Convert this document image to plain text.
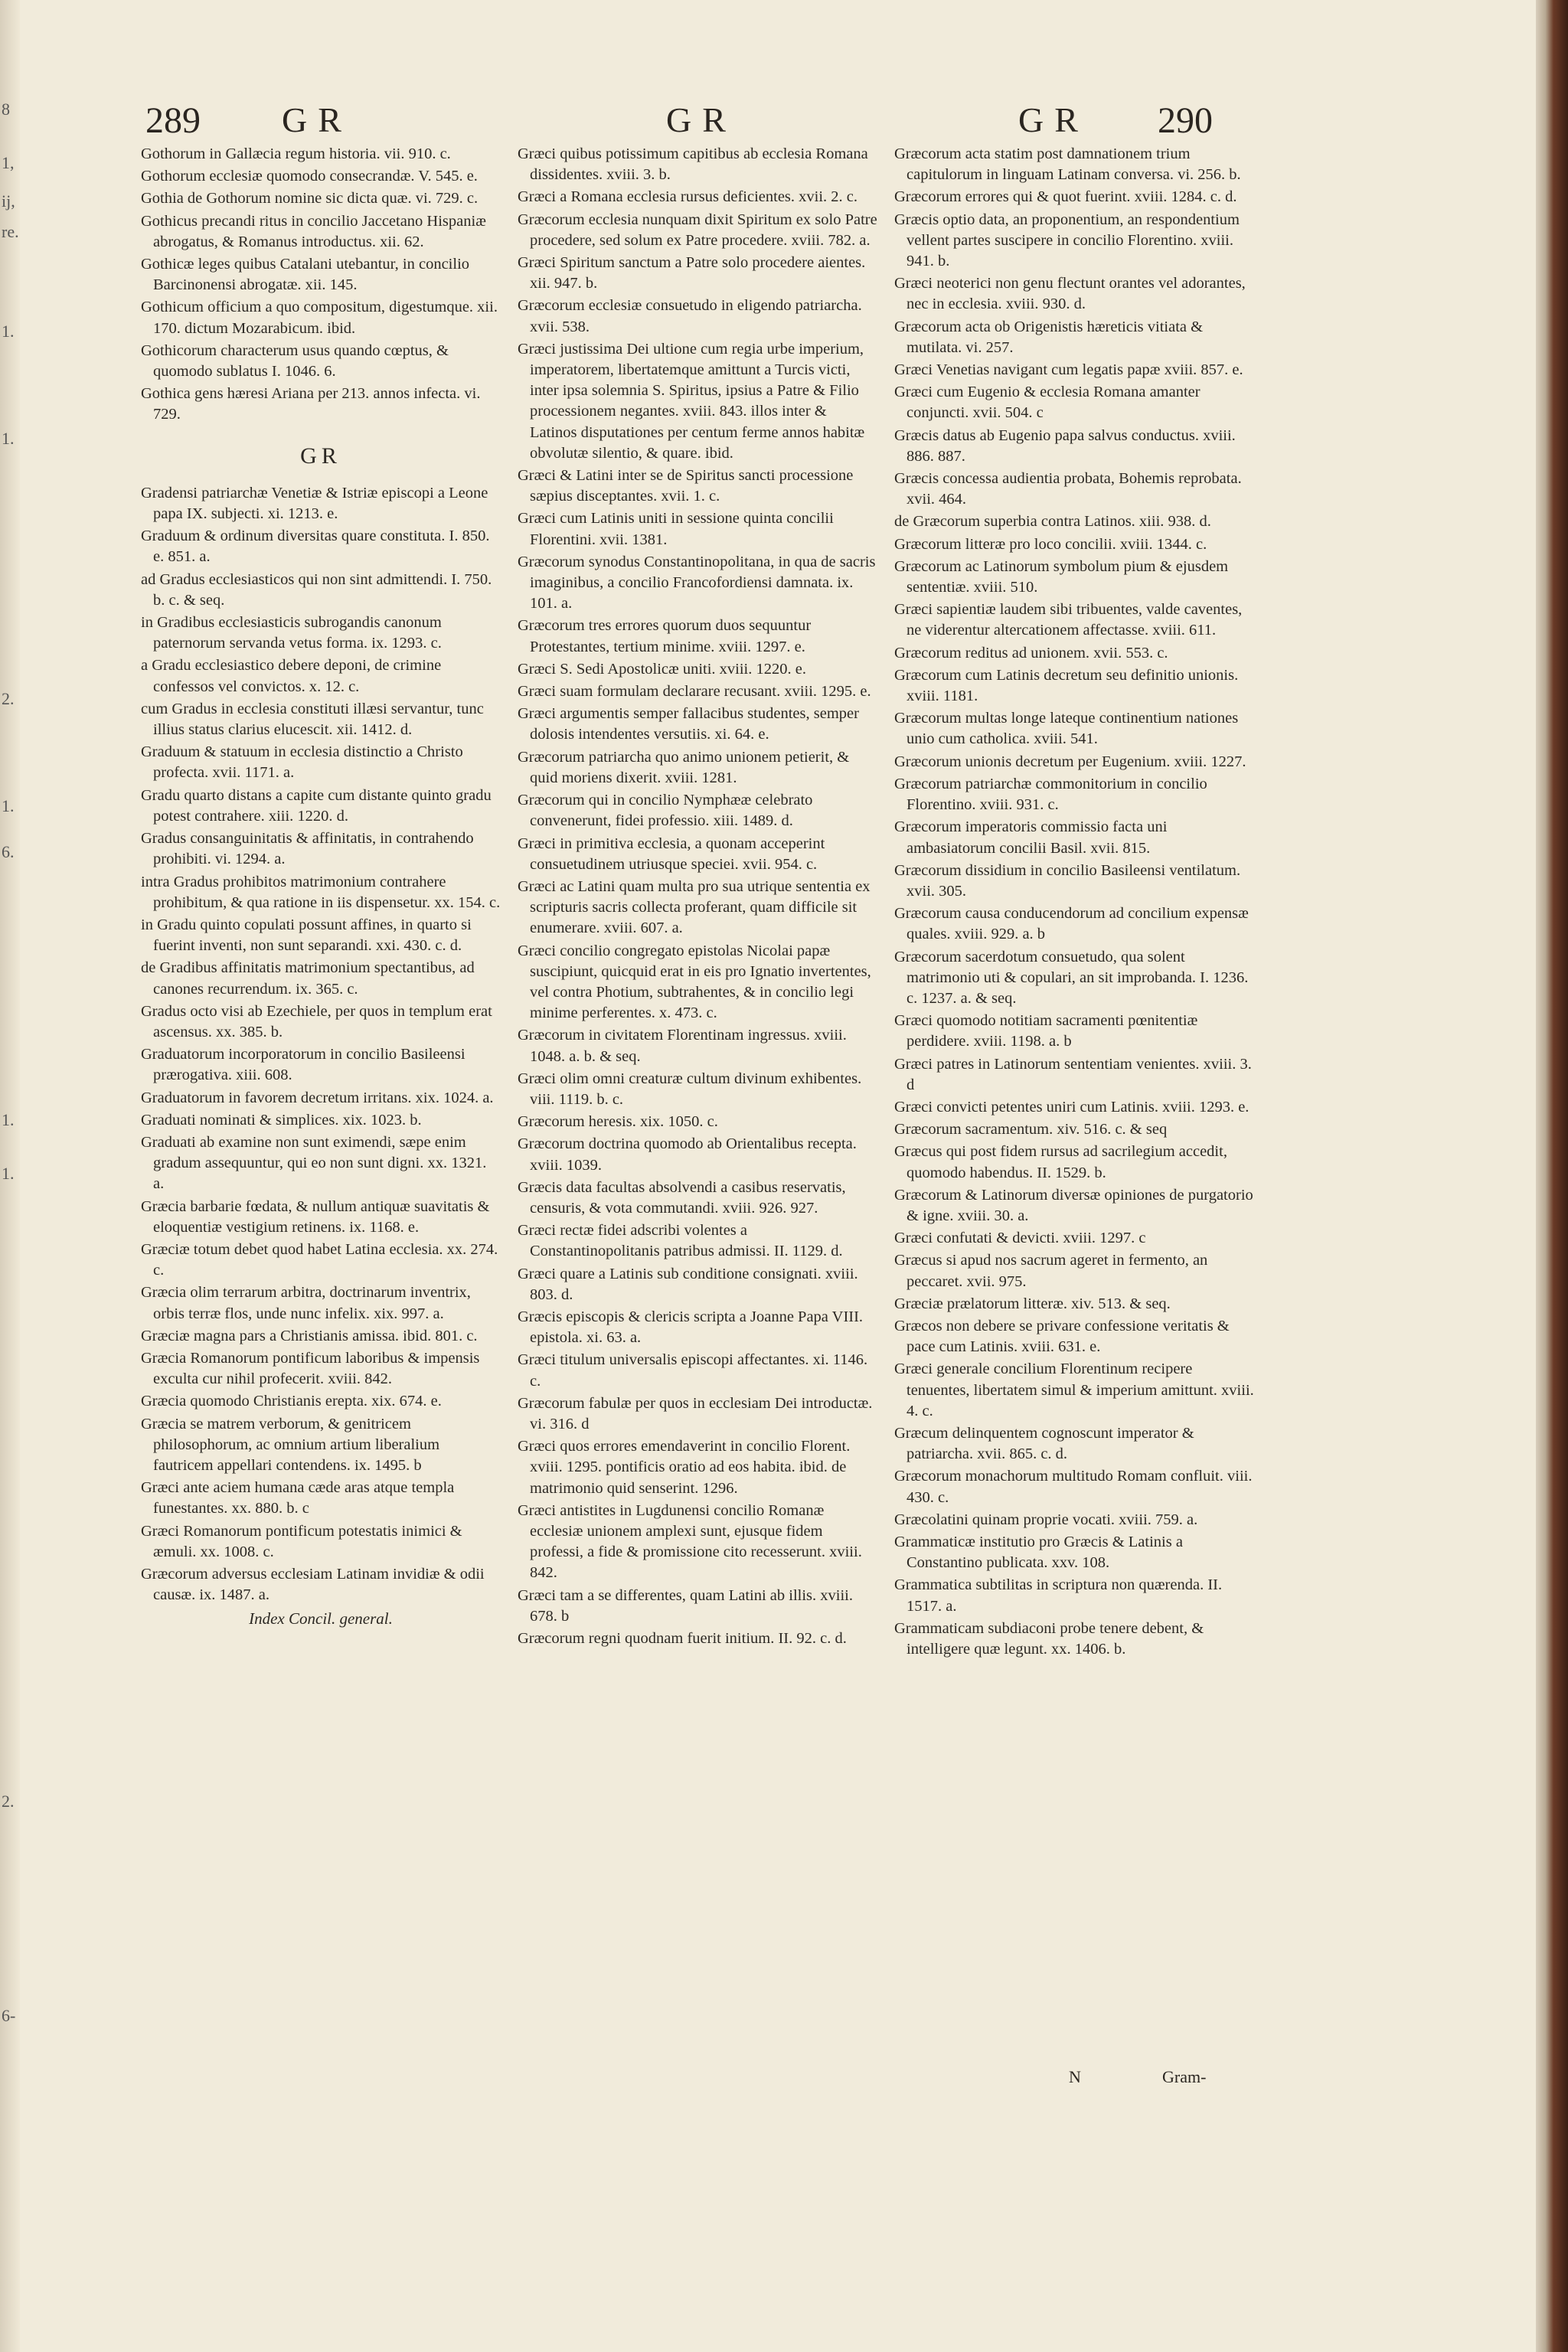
8
1,
ij,
re.
1.
1.
2.
1.
6.
1.
1.
2.
6-
289 GR	GR	GR 290
Gothorum in Gallæcia regum historia. vii. 910. c.
Gothorum ecclesiæ quomodo consecrandæ. V. 545. e.
Gothia de Gothorum nomine sic dicta quæ. vi. 729. c.
Gothicus precandi ritus in concilio Jaccetano Hispaniæ abrogatus, & Romanus introductus. xii. 62.
Gothicæ leges quibus Catalani utebantur, in concilio Barcinonensi abrogatæ. xii. 145.
Gothicum officium a quo compositum, digestumque. xii. 170. dictum Mozarabicum. ibid.
Gothicorum characterum usus quando cœptus, & quomodo sublatus I. 1046. 6.
Gothica gens hæresi Ariana per 213. annos infecta. vi. 729.
GR
Gradensi patriarchæ Venetiæ & Istriæ episcopi a Leone papa IX. subjecti. xi. 1213. e.
Graduum & ordinum diversitas quare constituta. I. 850. e. 851. a.
ad Gradus ecclesiasticos qui non sint admittendi. I. 750. b. c. & seq.
in Gradibus ecclesiasticis subrogandis canonum paternorum servanda vetus forma. ix. 1293. c.
a Gradu ecclesiastico debere deponi, de crimine confessos vel convictos. x. 12. c.
cum Gradus in ecclesia constituti illæsi servantur, tunc illius status clarius elucescit. xii. 1412. d.
Graduum & statuum in ecclesia distinctio a Christo profecta. xvii. 1171. a.
Gradu quarto distans a capite cum distante quinto gradu potest contrahere. xiii. 1220. d.
Gradus consanguinitatis & affinitatis, in contrahendo prohibiti. vi. 1294. a.
intra Gradus prohibitos matrimonium contrahere prohibitum, & qua ratione in iis dispensetur. xx. 154. c.
in Gradu quinto copulati possunt affines, in quarto si fuerint inventi, non sunt separandi. xxi. 430. c. d.
de Gradibus affinitatis matrimonium spectantibus, ad canones recurrendum. ix. 365. c.
Gradus octo visi ab Ezechiele, per quos in templum erat ascensus. xx. 385. b.
Graduatorum incorporatorum in concilio Basileensi prærogativa. xiii. 608.
Graduatorum in favorem decretum irritans. xix. 1024. a.
Graduati nominati & simplices. xix. 1023. b.
Graduati ab examine non sunt eximendi, sæpe enim gradum assequuntur, qui eo non sunt digni. xx. 1321. a.
Græcia barbarie fœdata, & nullum antiquæ suavitatis & eloquentiæ vestigium retinens. ix. 1168. e.
Græciæ totum debet quod habet Latina ecclesia. xx. 274. c.
Græcia olim terrarum arbitra, doctrinarum inventrix, orbis terræ flos, unde nunc infelix. xix. 997. a.
Græciæ magna pars a Christianis amissa. ibid. 801. c.
Græcia Romanorum pontificum laboribus & impensis exculta cur nihil profecerit. xviii. 842.
Græcia quomodo Christianis erepta. xix. 674. e.
Græcia se matrem verborum, & genitricem philosophorum, ac omnium artium liberalium fautricem appellari contendens. ix. 1495. b
Græci ante aciem humana cæde aras atque templa funestantes. xx. 880. b. c
Græci Romanorum pontificum potestatis inimici & æmuli. xx. 1008. c.
Græcorum adversus ecclesiam Latinam invidiæ & odii causæ. ix. 1487. a.
Index Concil. general.
Græci quibus potissimum capitibus ab ecclesia Romana dissidentes. xviii. 3. b.
Græci a Romana ecclesia rursus deficientes. xvii. 2. c.
Græcorum ecclesia nunquam dixit Spiritum ex solo Patre procedere, sed solum ex Patre procedere. xviii. 782. a.
Græci Spiritum sanctum a Patre solo procedere aientes. xii. 947. b.
Græcorum ecclesiæ consuetudo in eligendo patriarcha. xvii. 538.
Græci justissima Dei ultione cum regia urbe imperium, imperatorem, libertatemque amittunt a Turcis victi, inter ipsa solemnia S. Spiritus, ipsius a Patre & Filio processionem negantes. xviii. 843. illos inter & Latinos disputationes per centum ferme annos habitæ obvolutæ silentio, & quare. ibid.
Græci & Latini inter se de Spiritus sancti processione sæpius disceptantes. xvii. 1. c.
Græci cum Latinis uniti in sessione quinta concilii Florentini. xvii. 1381.
Græcorum synodus Constantinopolitana, in qua de sacris imaginibus, a concilio Francofordiensi damnata. ix. 101. a.
Græcorum tres errores quorum duos sequuntur Protestantes, tertium minime. xviii. 1297. e.
Græci S. Sedi Apostolicæ uniti. xviii. 1220. e.
Græci suam formulam declarare recusant. xviii. 1295. e.
Græci argumentis semper fallacibus studentes, semper dolosis intendentes versutiis. xi. 64. e.
Græcorum patriarcha quo animo unionem petierit, & quid moriens dixerit. xviii. 1281.
Græcorum qui in concilio Nymphææ celebrato convenerunt, fidei professio. xiii. 1489. d.
Græci in primitiva ecclesia, a quonam acceperint consuetudinem utriusque speciei. xvii. 954. c.
Græci ac Latini quam multa pro sua utrique sententia ex scripturis sacris collecta proferant, quam difficile sit enumerare. xviii. 607. a.
Græci concilio congregato epistolas Nicolai papæ suscipiunt, quicquid erat in eis pro Ignatio invertentes, vel contra Photium, subtrahentes, & in concilio legi minime perferentes. x. 473. c.
Græcorum in civitatem Florentinam ingressus. xviii. 1048. a. b. & seq.
Græci olim omni creaturæ cultum divinum exhibentes. viii. 1119. b. c.
Græcorum heresis. xix. 1050. c.
Græcorum doctrina quomodo ab Orientalibus recepta. xviii. 1039.
Græcis data facultas absolvendi a casibus reservatis, censuris, & vota commutandi. xviii. 926. 927.
Græci rectæ fidei adscribi volentes a Constantinopolitanis patribus admissi. II. 1129. d.
Græci quare a Latinis sub conditione consignati. xviii. 803. d.
Græcis episcopis & clericis scripta a Joanne Papa VIII. epistola. xi. 63. a.
Græci titulum universalis episcopi affectantes. xi. 1146. c.
Græcorum fabulæ per quos in ecclesiam Dei introductæ. vi. 316. d
Græci quos errores emendaverint in concilio Florent. xviii. 1295. pontificis oratio ad eos habita. ibid. de matrimonio quid senserint. 1296.
Græci antistites in Lugdunensi concilio Romanæ ecclesiæ unionem amplexi sunt, ejusque fidem professi, a fide & promissione cito recesserunt. xviii. 842.
Græci tam a se differentes, quam Latini ab illis. xviii. 678. b
Græcorum regni quodnam fuerit initium. II. 92. c. d.
Græcorum acta statim post damnationem trium capitulorum in linguam Latinam conversa. vi. 256. b.
Græcorum errores qui & quot fuerint. xviii. 1284. c. d.
Græcis optio data, an proponentium, an respondentium vellent partes suscipere in concilio Florentino. xviii. 941. b.
Græci neoterici non genu flectunt orantes vel adorantes, nec in ecclesia. xviii. 930. d.
Græcorum acta ob Origenistis hæreticis vitiata & mutilata. vi. 257.
Græci Venetias navigant cum legatis papæ xviii. 857. e.
Græci cum Eugenio & ecclesia Romana amanter conjuncti. xvii. 504. c
Græcis datus ab Eugenio papa salvus conductus. xviii. 886. 887.
Græcis concessa audientia probata, Bohemis reprobata. xvii. 464.
de Græcorum superbia contra Latinos. xiii. 938. d.
Græcorum litteræ pro loco concilii. xviii. 1344. c.
Græcorum ac Latinorum symbolum pium & ejusdem sententiæ. xviii. 510.
Græci sapientiæ laudem sibi tribuentes, valde caventes, ne viderentur altercationem affectasse. xviii. 611.
Græcorum reditus ad unionem. xvii. 553. c.
Græcorum cum Latinis decretum seu definitio unionis. xviii. 1181.
Græcorum multas longe lateque continentium nationes unio cum catholica. xviii. 541.
Græcorum unionis decretum per Eugenium. xviii. 1227.
Græcorum patriarchæ commonitorium in concilio Florentino. xviii. 931. c.
Græcorum imperatoris commissio facta uni ambasiatorum concilii Basil. xvii. 815.
Græcorum dissidium in concilio Basileensi ventilatum. xvii. 305.
Græcorum causa conducendorum ad concilium expensæ quales. xviii. 929. a. b
Græcorum sacerdotum consuetudo, qua solent matrimonio uti & copulari, an sit improbanda. I. 1236. c. 1237. a. & seq.
Græci quomodo notitiam sacramenti pœnitentiæ perdidere. xviii. 1198. a. b
Græci patres in Latinorum sententiam venientes. xviii. 3. d
Græci convicti petentes uniri cum Latinis. xviii. 1293. e.
Græcorum sacramentum. xiv. 516. c. & seq
Græcus qui post fidem rursus ad sacrilegium accedit, quomodo habendus. II. 1529. b.
Græcorum & Latinorum diversæ opiniones de purgatorio & igne. xviii. 30. a.
Græci confutati & devicti. xviii. 1297. c
Græcus si apud nos sacrum ageret in fermento, an peccaret. xvii. 975.
Græciæ prælatorum litteræ. xiv. 513. & seq.
Græcos non debere se privare confessione veritatis & pace cum Latinis. xviii. 631. e.
Græci generale concilium Florentinum recipere tenuentes, libertatem simul & imperium amittunt. xviii. 4. c.
Græcum delinquentem cognoscunt imperator & patriarcha. xvii. 865. c. d.
Græcorum monachorum multitudo Romam confluit. viii. 430. c.
Græcolatini quinam proprie vocati. xviii. 759. a.
Grammaticæ institutio pro Græcis & Latinis a Constantino publicata. xxv. 108.
Grammatica subtilitas in scriptura non quærenda. II. 1517. a.
Grammaticam subdiaconi probe tenere debent, & intelligere quæ legunt. xx. 1406. b.
N	Gram-
